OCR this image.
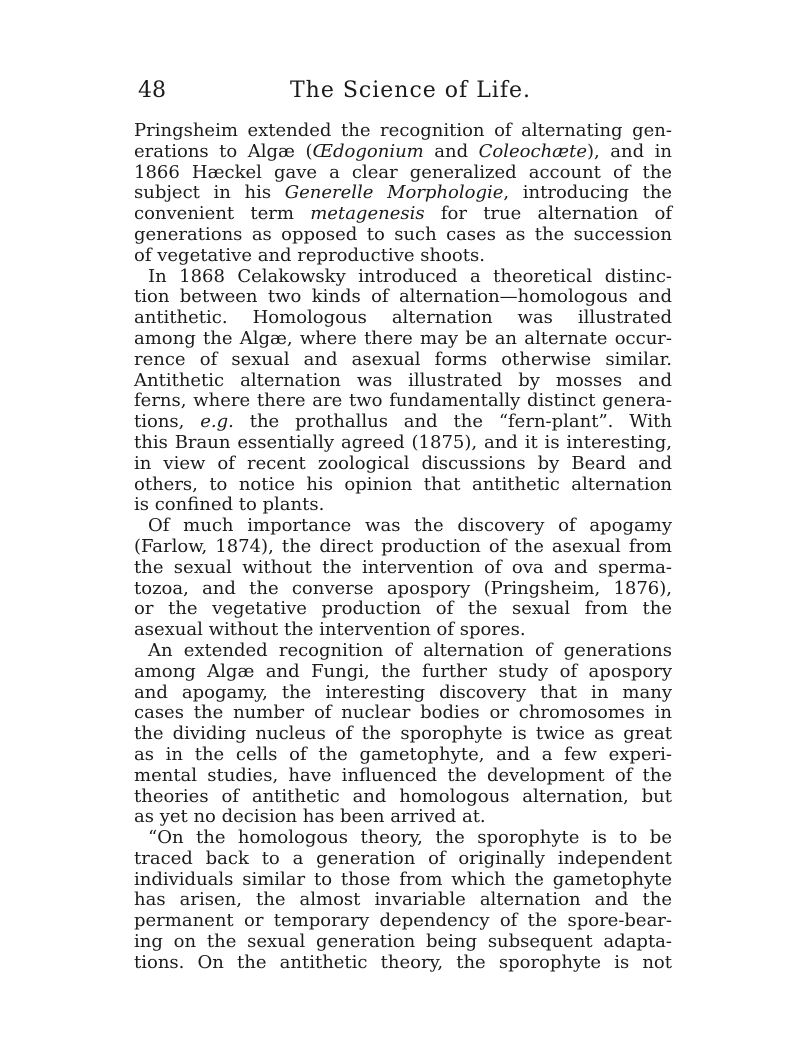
48	The Science of Life.
Pringsheim extended the recognition of alternating gen-
erations to Algæ (Œdogonium and Coleochæte), and in
1866 Hæckel gave a clear generalized account of the
subject in his Generelle Morphologie, introducing the
convenient term metagenesis for true alternation of
generations as opposed to such cases as the succession
of vegetative and reproductive shoots.
In 1868 Celakowsky introduced a theoretical distinc-
tion between two kinds of alternation—homologous and
antithetic. Homologous alternation was illustrated
among the Algæ, where there may be an alternate occur-
rence of sexual and asexual forms otherwise similar.
Antithetic alternation was illustrated by mosses and
ferns, where there are two fundamentally distinct genera-
tions, e.g. the prothallus and the “fern-plant”. With
this Braun essentially agreed (1875), and it is interesting,
in view of recent zoological discussions by Beard and
others, to notice his opinion that antithetic alternation
is confined to plants.
Of much importance was the discovery of apogamy
(Farlow, 1874), the direct production of the asexual from
the sexual without the intervention of ova and sperma-
tozoa, and the converse apospory (Pringsheim, 1876),
or the vegetative production of the sexual from the
asexual without the intervention of spores.
An extended recognition of alternation of generations
among Algæ and Fungi, the further study of apospory
and apogamy, the interesting discovery that in many
cases the number of nuclear bodies or chromosomes in
the dividing nucleus of the sporophyte is twice as great
as in the cells of the gametophyte, and a few experi-
mental studies, have influenced the development of the
theories of antithetic and homologous alternation, but
as yet no decision has been arrived at.
“On the homologous theory, the sporophyte is to be
traced back to a generation of originally independent
individuals similar to those from which the gametophyte
has arisen, the almost invariable alternation and the
permanent or temporary dependency of the spore-bear-
ing on the sexual generation being subsequent adapta-
tions. On the antithetic theory, the sporophyte is not
